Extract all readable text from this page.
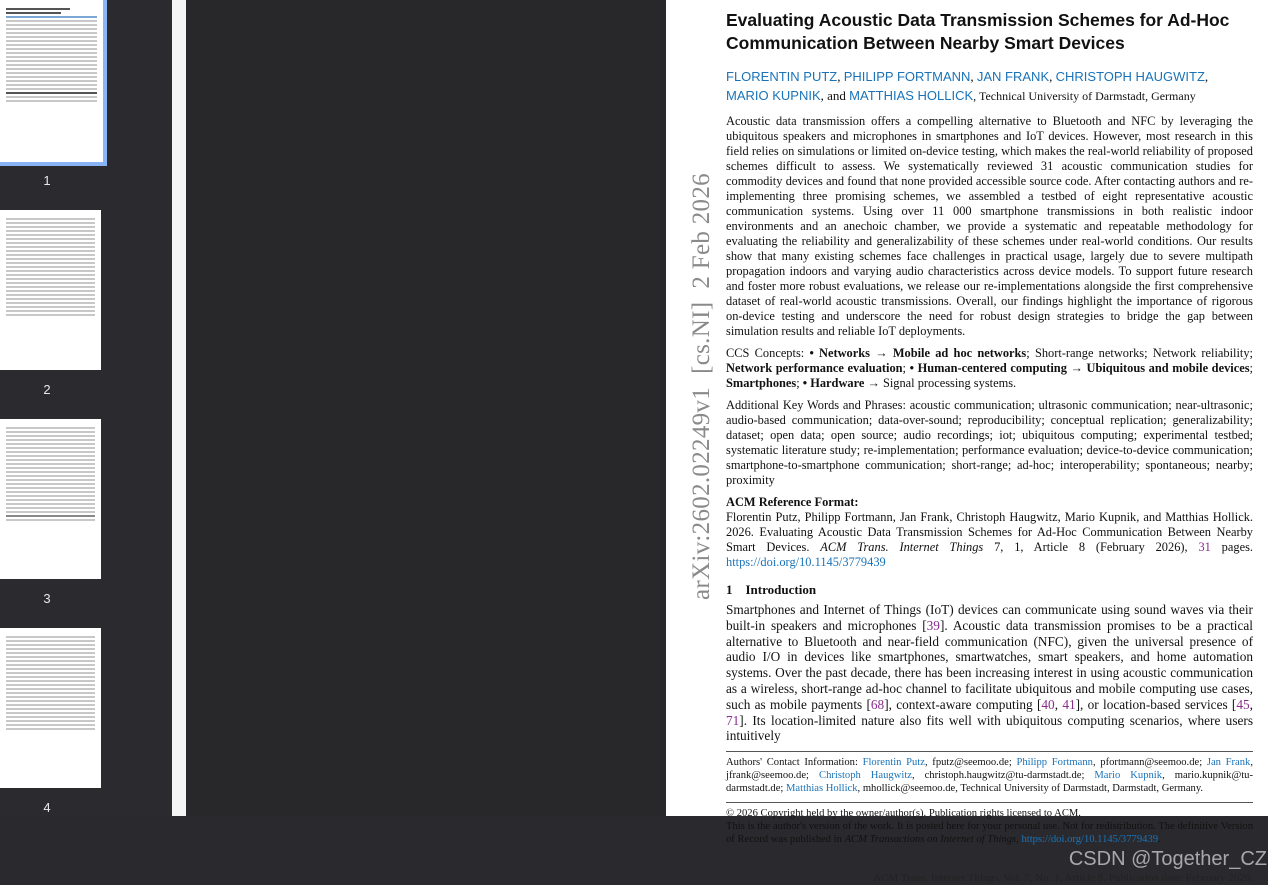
1
2
3
4
Evaluating Acoustic Data Transmission Schemes for Ad-Hoc Communication Between Nearby Smart Devices
FLORENTIN PUTZ, PHILIPP FORTMANN, JAN FRANK, CHRISTOPH HAUGWITZ, MARIO KUPNIK, and MATTHIAS HOLLICK, Technical University of Darmstadt, Germany

Acoustic data transmission offers a compelling alternative to Bluetooth and NFC by leveraging the ubiquitous speakers and microphones in smartphones and IoT devices. However, most research in this field relies on simulations or limited on-device testing, which makes the real-world reliability of proposed schemes difficult to assess. We systematically reviewed 31 acoustic communication studies for commodity devices and found that none provided accessible source code. After contacting authors and re-implementing three promising schemes, we assembled a testbed of eight representative acoustic communication systems. Using over 11 000 smartphone transmissions in both realistic indoor environments and an anechoic chamber, we provide a systematic and repeatable methodology for evaluating the reliability and generalizability of these schemes under real-world conditions. Our results show that many existing schemes face challenges in practical usage, largely due to severe multipath propagation indoors and varying audio characteristics across device models. To support future research and foster more robust evaluations, we release our re-implementations alongside the first comprehensive dataset of real-world acoustic transmissions. Overall, our findings highlight the importance of rigorous on-device testing and underscore the need for robust design strategies to bridge the gap between simulation results and reliable IoT deployments.

CCS Concepts: • Networks → Mobile ad hoc networks; Short-range networks; Network reliability; Network performance evaluation; • Human-centered computing → Ubiquitous and mobile devices; Smartphones; • Hardware → Signal processing systems.

Additional Key Words and Phrases: acoustic communication; ultrasonic communication; near-ultrasonic; audio-based communication; data-over-sound; reproducibility; conceptual replication; generalizability; dataset; open data; open source; audio recordings; iot; ubiquitous computing; experimental testbed; systematic literature study; re-implementation; performance evaluation; device-to-device communication; smartphone-to-smartphone communication; short-range; ad-hoc; interoperability; spontaneous; nearby; proximity

ACM Reference Format:
Florentin Putz, Philipp Fortmann, Jan Frank, Christoph Haugwitz, Mario Kupnik, and Matthias Hollick. 2026. Evaluating Acoustic Data Transmission Schemes for Ad-Hoc Communication Between Nearby Smart Devices. ACM Trans. Internet Things 7, 1, Article 8 (February 2026), 31 pages. https://doi.org/10.1145/3779439
1    Introduction

Smartphones and Internet of Things (IoT) devices can communicate using sound waves via their built-in speakers and microphones [39]. Acoustic data transmission promises to be a practical alternative to Bluetooth and near-field communication (NFC), given the universal presence of audio I/O in devices like smartphones, smartwatches, smart speakers, and home automation systems. Over the past decade, there has been increasing interest in using acoustic communication as a wireless, short-range ad-hoc channel to facilitate ubiquitous and mobile computing use cases, such as mobile payments [68], context-aware computing [40, 41], or location-based services [45, 71]. Its location-limited nature also fits well with ubiquitous computing scenarios, where users intuitively

Authors' Contact Information: Florentin Putz, fputz@seemoo.de; Philipp Fortmann, pfortmann@seemoo.de; Jan Frank, jfrank@seemoo.de; Christoph Haugwitz, christoph.haugwitz@tu-darmstadt.de; Mario Kupnik, mario.kupnik@tu-darmstadt.de; Matthias Hollick, mhollick@seemoo.de, Technical University of Darmstadt, Darmstadt, Germany.

© 2026 Copyright held by the owner/author(s). Publication rights licensed to ACM.

This is the author's version of the work. It is posted here for your personal use. Not for redistribution. The definitive Version of Record was published in ACM Transactions on Internet of Things, https://doi.org/10.1145/3779439.

CSDN @Together_CZ
ACM Trans. Internet Things, Vol. 7, No. 1, Article 8. Publication date: February 2026.
arXiv:2602.02249v1  [cs.NI]  2 Feb 2026
